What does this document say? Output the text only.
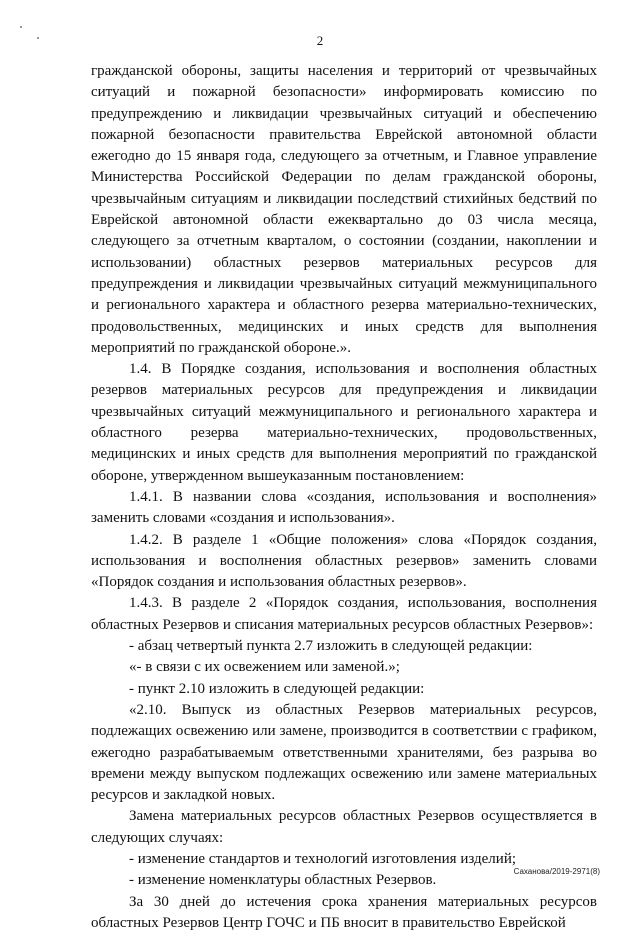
2

гражданской обороны, защиты населения и территорий от чрезвычайных ситуаций и пожарной безопасности» информировать комиссию по предупреждению и ликвидации чрезвычайных ситуаций и обеспечению пожарной безопасности правительства Еврейской автономной области ежегодно до 15 января года, следующего за отчетным, и Главное управление Министерства Российской Федерации по делам гражданской обороны, чрезвычайным ситуациям и ликвидации последствий стихийных бедствий по Еврейской автономной области ежеквартально до 03 числа месяца, следующего за отчетным кварталом, о состоянии (создании, накоплении и использовании) областных резервов материальных ресурсов для предупреждения и ликвидации чрезвычайных ситуаций межмуниципального и регионального характера и областного резерва материально-технических, продовольственных, медицинских и иных средств для выполнения мероприятий по гражданской обороне.».

1.4. В Порядке создания, использования и восполнения областных резервов материальных ресурсов для предупреждения и ликвидации чрезвычайных ситуаций межмуниципального и регионального характера и областного резерва материально-технических, продовольственных, медицинских и иных средств для выполнения мероприятий по гражданской обороне, утвержденном вышеуказанным постановлением:

1.4.1. В названии слова «создания, использования и восполнения» заменить словами «создания и использования».

1.4.2. В разделе 1 «Общие положения» слова «Порядок создания, использования и восполнения областных резервов» заменить словами «Порядок создания и использования областных резервов».

1.4.3. В разделе 2 «Порядок создания, использования, восполнения областных Резервов и списания материальных ресурсов областных Резервов»:

- абзац четвертый пункта 2.7 изложить в следующей редакции:

«- в связи с их освежением или заменой.»;

- пункт 2.10 изложить в следующей редакции:

«2.10. Выпуск из областных Резервов материальных ресурсов, подлежащих освежению или замене, производится в соответствии с графиком, ежегодно разрабатываемым ответственными хранителями, без разрыва во времени между выпуском подлежащих освежению или замене материальных ресурсов и закладкой новых.

Замена материальных ресурсов областных Резервов осуществляется в следующих случаях:

- изменение стандартов и технологий изготовления изделий;

- изменение номенклатуры областных Резервов.

За 30 дней до истечения срока хранения материальных ресурсов областных Резервов Центр ГОЧС и ПБ вносит в правительство Еврейской

Саханова/2019-2971(8)
